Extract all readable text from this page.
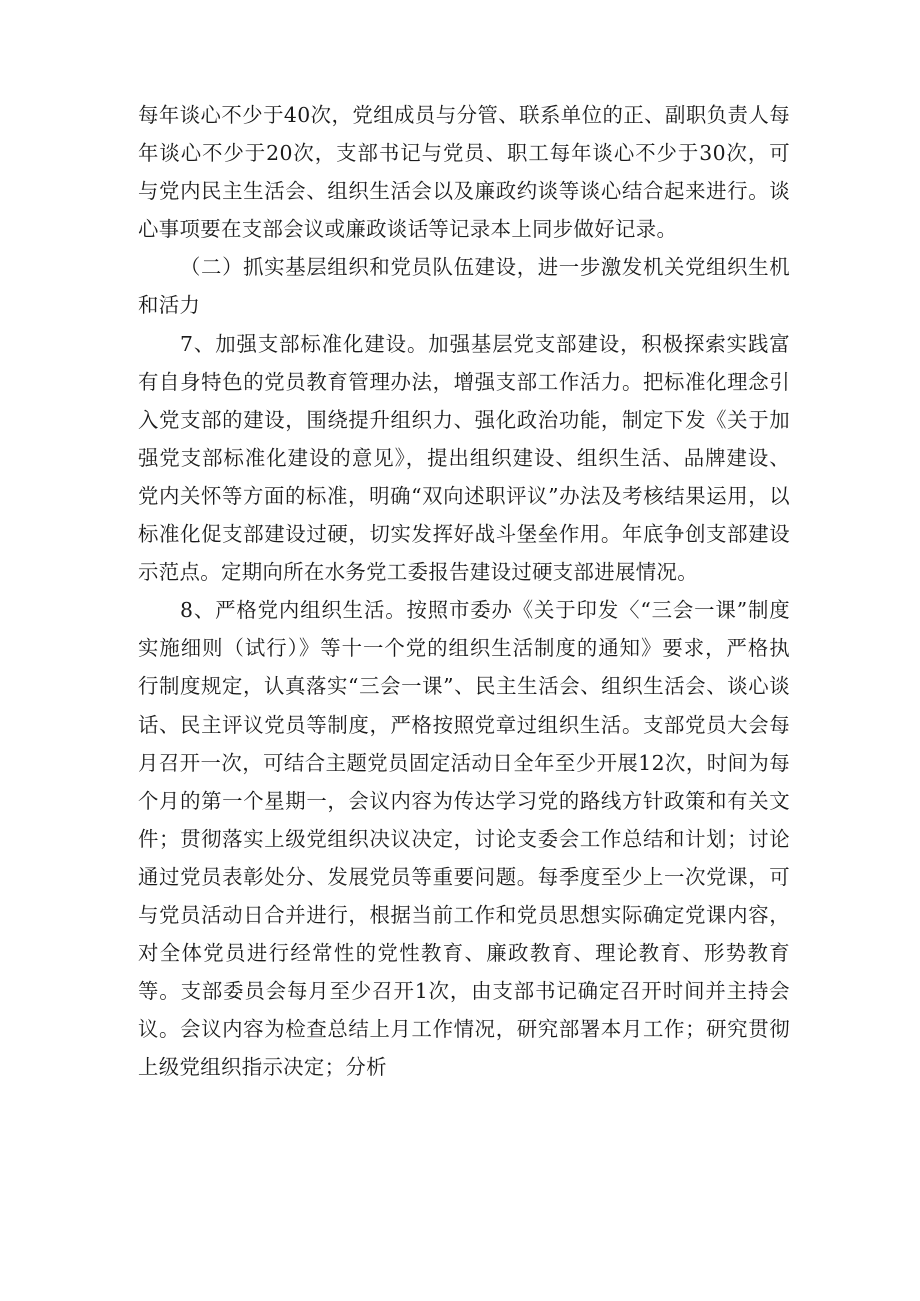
每年谈心不少于40次，党组成员与分管、联系单位的正、副职负责人每年谈心不少于20次，支部书记与党员、职工每年谈心不少于30次，可与党内民主生活会、组织生活会以及廉政约谈等谈心结合起来进行。谈心事项要在支部会议或廉政谈话等记录本上同步做好记录。

（二）抓实基层组织和党员队伍建设，进一步激发机关党组织生机和活力

7、加强支部标准化建设。加强基层党支部建设，积极探索实践富有自身特色的党员教育管理办法，增强支部工作活力。把标准化理念引入党支部的建设，围绕提升组织力、强化政治功能，制定下发《关于加强党支部标准化建设的意见》，提出组织建设、组织生活、品牌建设、党内关怀等方面的标准，明确“双向述职评议”办法及考核结果运用，以标准化促支部建设过硬，切实发挥好战斗堡垒作用。年底争创支部建设示范点。定期向所在水务党工委报告建设过硬支部进展情况。

8、严格党内组织生活。按照市委办《关于印发〈“三会一课”制度实施细则（试行）》等十一个党的组织生活制度的通知》要求，严格执行制度规定，认真落实“三会一课”、民主生活会、组织生活会、谈心谈话、民主评议党员等制度，严格按照党章过组织生活。支部党员大会每月召开一次，可结合主题党员固定活动日全年至少开展12次，时间为每个月的第一个星期一，会议内容为传达学习党的路线方针政策和有关文件；贯彻落实上级党组织决议决定，讨论支委会工作总结和计划；讨论通过党员表彰处分、发展党员等重要问题。每季度至少上一次党课，可与党员活动日合并进行，根据当前工作和党员思想实际确定党课内容，对全体党员进行经常性的党性教育、廉政教育、理论教育、形势教育等。支部委员会每月至少召开1次，由支部书记确定召开时间并主持会议。会议内容为检查总结上月工作情况，研究部署本月工作；研究贯彻上级党组织指示决定；分析
